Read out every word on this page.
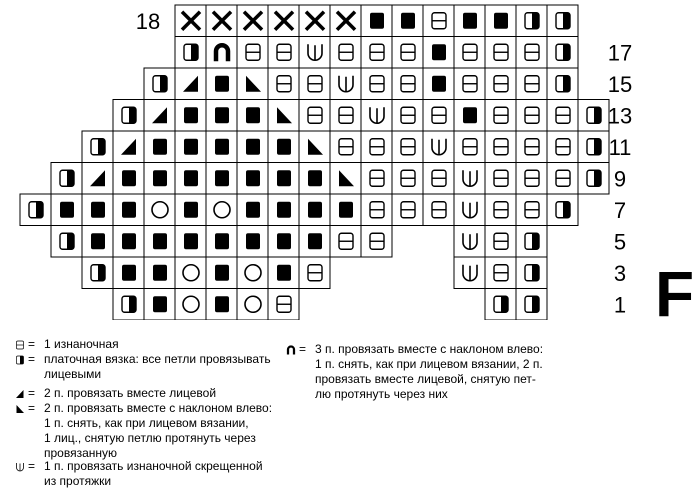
18
17
15
13
11
9
7
5
3
1 F
= 1 изнаночная
= платочная вязка: все петли провязывать
лицевыми
= 2 п. провязать вместе лицевой
= 2 п. провязать вместе с наклоном влево:
1 п. снять, как при лицевом вязании,
1 лиц., снятую петлю протянуть через
провязанную
= 1 п. провязать изнаночной скрещенной
из протяжки
= 3 п. провязать вместе с наклоном влево:
1 п. снять, как при лицевом вязании, 2 п.
провязать вместе лицевой, снятую пет-
лю протянуть через них
